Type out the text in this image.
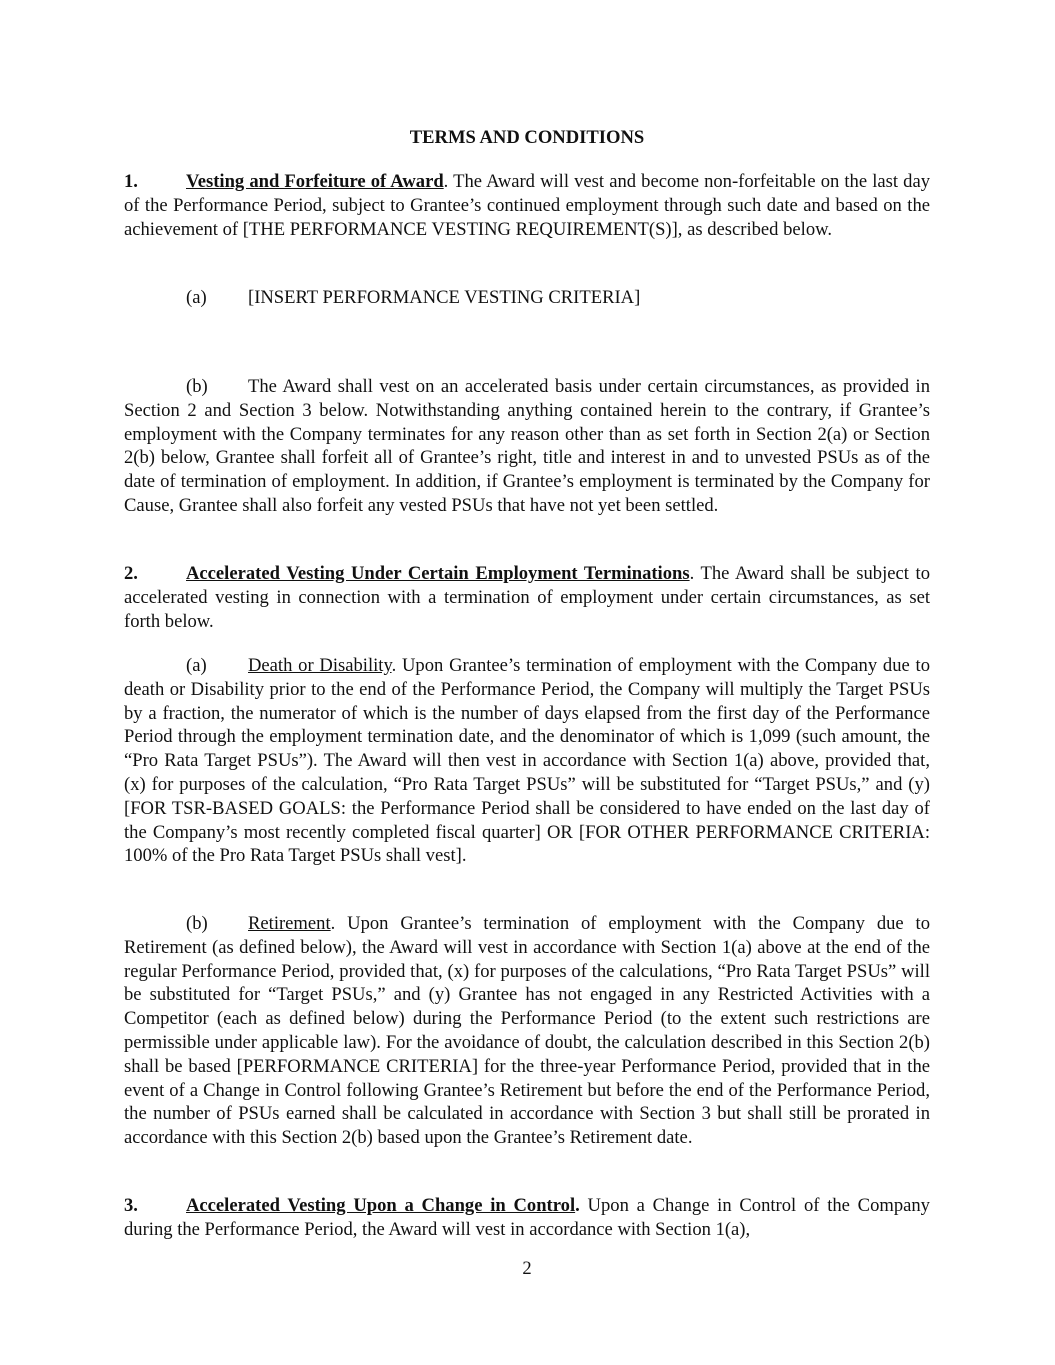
TERMS AND CONDITIONS

1.	Vesting and Forfeiture of Award. The Award will vest and become non-forfeitable on the last day of the Performance Period, subject to Grantee’s continued employment through such date and based on the achievement of [THE PERFORMANCE VESTING REQUIREMENT(S)], as described below.

(a) [INSERT PERFORMANCE VESTING CRITERIA]

(b) The Award shall vest on an accelerated basis under certain circumstances, as provided in Section 2 and Section 3 below. Notwithstanding anything contained herein to the contrary, if Grantee’s employment with the Company terminates for any reason other than as set forth in Section 2(a) or Section 2(b) below, Grantee shall forfeit all of Grantee’s right, title and interest in and to unvested PSUs as of the date of termination of employment. In addition, if Grantee’s employment is terminated by the Company for Cause, Grantee shall also forfeit any vested PSUs that have not yet been settled.

2.	Accelerated Vesting Under Certain Employment Terminations. The Award shall be subject to accelerated vesting in connection with a termination of employment under certain circumstances, as set forth below.

(a) Death or Disability. Upon Grantee’s termination of employment with the Company due to death or Disability prior to the end of the Performance Period, the Company will multiply the Target PSUs by a fraction, the numerator of which is the number of days elapsed from the first day of the Performance Period through the employment termination date, and the denominator of which is 1,099 (such amount, the “Pro Rata Target PSUs”). The Award will then vest in accordance with Section 1(a) above, provided that, (x) for purposes of the calculation, “Pro Rata Target PSUs” will be substituted for “Target PSUs,” and (y) [FOR TSR-BASED GOALS: the Performance Period shall be considered to have ended on the last day of the Company’s most recently completed fiscal quarter] OR [FOR OTHER PERFORMANCE CRITERIA: 100% of the Pro Rata Target PSUs shall vest].

(b) Retirement. Upon Grantee’s termination of employment with the Company due to Retirement (as defined below), the Award will vest in accordance with Section 1(a) above at the end of the regular Performance Period, provided that, (x) for purposes of the calculations, “Pro Rata Target PSUs” will be substituted for “Target PSUs,” and (y) Grantee has not engaged in any Restricted Activities with a Competitor (each as defined below) during the Performance Period (to the extent such restrictions are permissible under applicable law). For the avoidance of doubt, the calculation described in this Section 2(b) shall be based [PERFORMANCE CRITERIA] for the three-year Performance Period, provided that in the event of a Change in Control following Grantee’s Retirement but before the end of the Performance Period, the number of PSUs earned shall be calculated in accordance with Section 3 but shall still be prorated in accordance with this Section 2(b) based upon the Grantee’s Retirement date.

3.	Accelerated Vesting Upon a Change in Control. Upon a Change in Control of the Company during the Performance Period, the Award will vest in accordance with Section 1(a),

2
